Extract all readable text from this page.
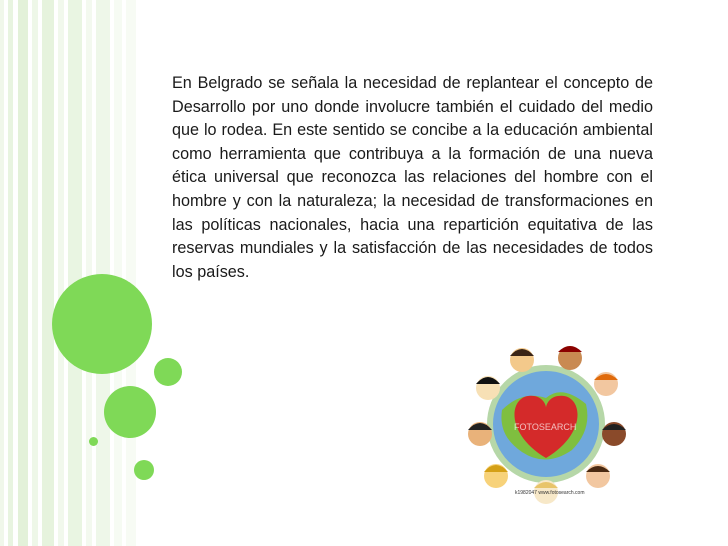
En Belgrado se señala la necesidad de replantear el concepto de Desarrollo por uno donde involucre también el cuidado del medio que lo rodea. En este sentido se concibe a la educación ambiental como herramienta que contribuya a la formación de una nueva ética universal que reconozca las relaciones del hombre con el hombre y con la naturaleza; la necesidad de transformaciones en las políticas nacionales, hacia una repartición equitativa de las reservas mundiales y la satisfacción de las necesidades de todos los países.

FOTOSEARCH
k1982047 www.fotosearch.com
